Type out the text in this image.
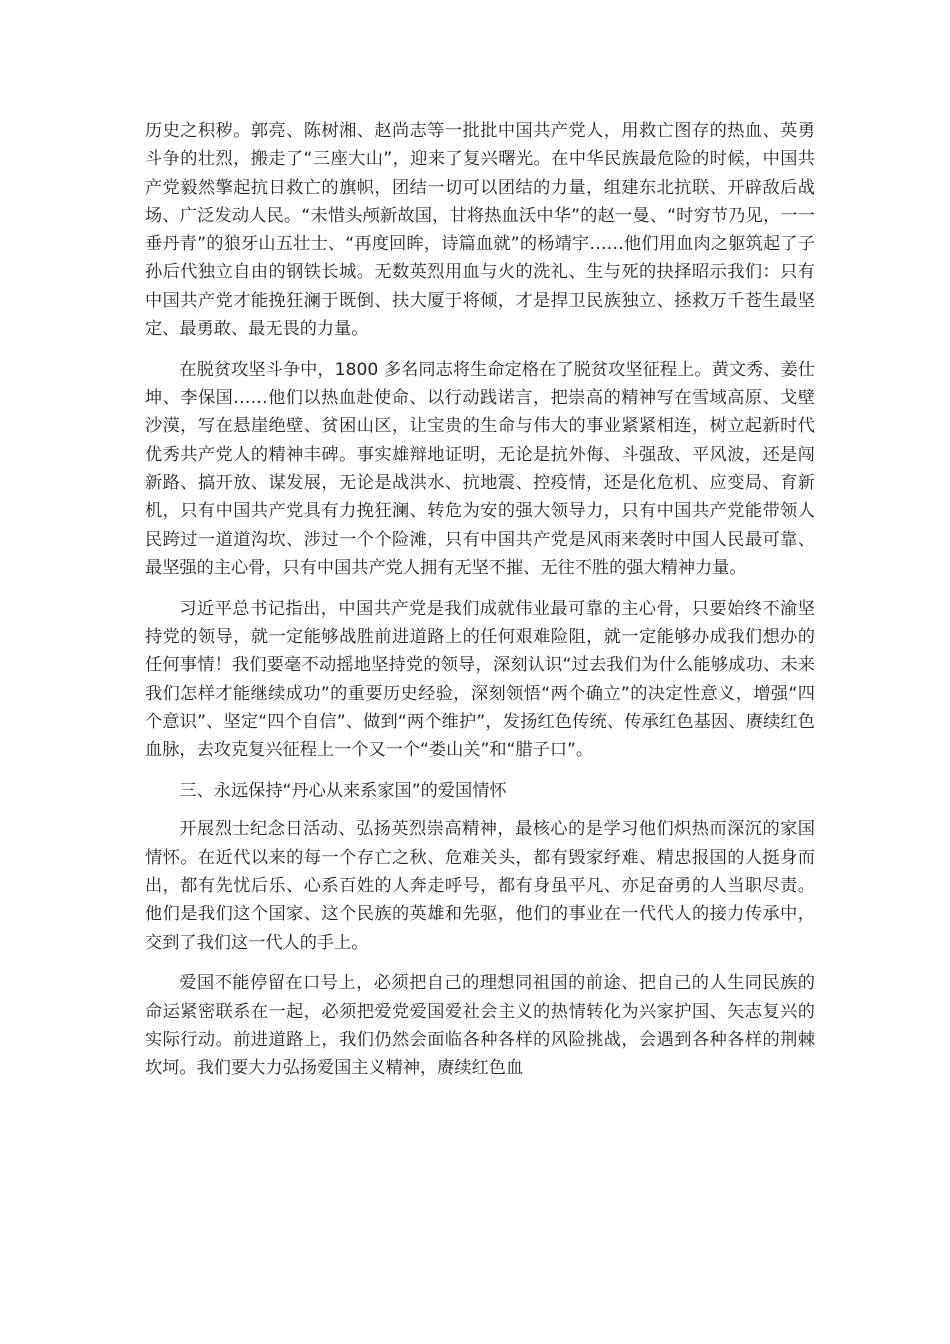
历史之积秽。郭亮、陈树湘、赵尚志等一批批中国共产党人，用救亡图存的热血、英勇斗争的壮烈，搬走了“三座大山”，迎来了复兴曙光。在中华民族最危险的时候，中国共产党毅然擎起抗日救亡的旗帜，团结一切可以团结的力量，组建东北抗联、开辟敌后战场、广泛发动人民。“未惜头颅新故国，甘将热血沃中华”的赵一曼、“时穷节乃见，一一垂丹青”的狼牙山五壮士、“再度回眸，诗篇血就”的杨靖宇……他们用血肉之躯筑起了子孙后代独立自由的钢铁长城。无数英烈用血与火的洗礼、生与死的抉择昭示我们：只有中国共产党才能挽狂澜于既倒、扶大厦于将倾，才是捍卫民族独立、拯救万千苍生最坚定、最勇敢、最无畏的力量。

在脱贫攻坚斗争中，1800 多名同志将生命定格在了脱贫攻坚征程上。黄文秀、姜仕坤、李保国……他们以热血赴使命、以行动践诺言，把崇高的精神写在雪域高原、戈壁沙漠，写在悬崖绝壁、贫困山区，让宝贵的生命与伟大的事业紧紧相连，树立起新时代优秀共产党人的精神丰碑。事实雄辩地证明，无论是抗外侮、斗强敌、平风波，还是闯新路、搞开放、谋发展，无论是战洪水、抗地震、控疫情，还是化危机、应变局、育新机，只有中国共产党具有力挽狂澜、转危为安的强大领导力，只有中国共产党能带领人民跨过一道道沟坎、涉过一个个险滩，只有中国共产党是风雨来袭时中国人民最可靠、最坚强的主心骨，只有中国共产党人拥有无坚不摧、无往不胜的强大精神力量。

习近平总书记指出，中国共产党是我们成就伟业最可靠的主心骨，只要始终不渝坚持党的领导，就一定能够战胜前进道路上的任何艰难险阻，就一定能够办成我们想办的任何事情！我们要毫不动摇地坚持党的领导，深刻认识“过去我们为什么能够成功、未来我们怎样才能继续成功”的重要历史经验，深刻领悟“两个确立”的决定性意义，增强“四个意识”、坚定“四个自信”、做到“两个维护”，发扬红色传统、传承红色基因、赓续红色血脉，去攻克复兴征程上一个又一个“娄山关”和“腊子口”。

三、永远保持“丹心从来系家国”的爱国情怀

开展烈士纪念日活动、弘扬英烈崇高精神，最核心的是学习他们炽热而深沉的家国情怀。在近代以来的每一个存亡之秋、危难关头，都有毁家纾难、精忠报国的人挺身而出，都有先忧后乐、心系百姓的人奔走呼号，都有身虽平凡、亦足奋勇的人当职尽责。他们是我们这个国家、这个民族的英雄和先驱，他们的事业在一代代人的接力传承中，交到了我们这一代人的手上。

爱国不能停留在口号上，必须把自己的理想同祖国的前途、把自己的人生同民族的命运紧密联系在一起，必须把爱党爱国爱社会主义的热情转化为兴家护国、矢志复兴的实际行动。前进道路上，我们仍然会面临各种各样的风险挑战，会遇到各种各样的荆棘坎坷。我们要大力弘扬爱国主义精神，赓续红色血
